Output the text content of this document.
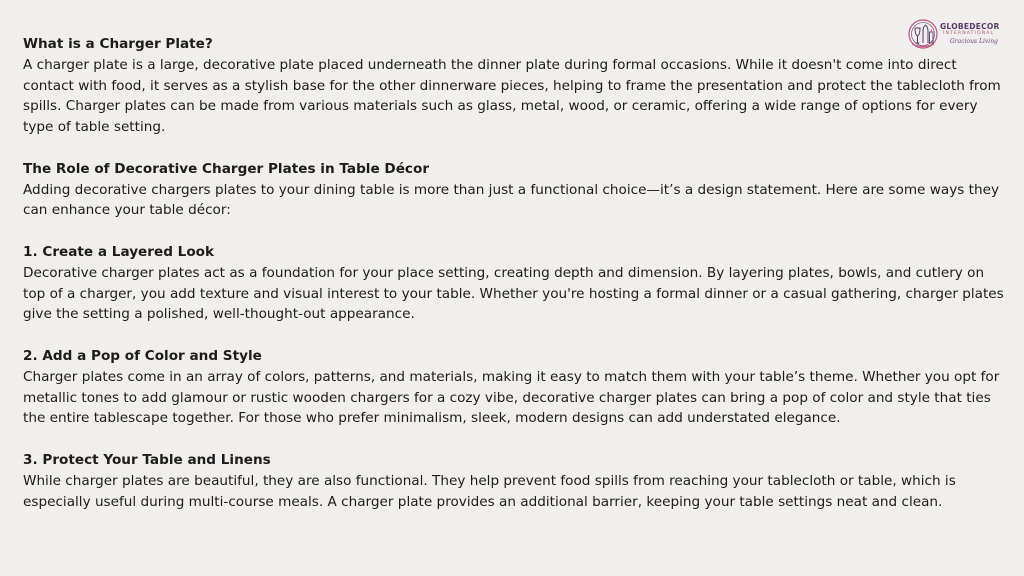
GLOBEDECOR
INTERNATIONAL
Gracious Living
What is a Charger Plate?
A charger plate is a large, decorative plate placed underneath the dinner plate during formal occasions. While it doesn't come into direct contact with food, it serves as a stylish base for the other dinnerware pieces, helping to frame the presentation and protect the tablecloth from spills. Charger plates can be made from various materials such as glass, metal, wood, or ceramic, offering a wide range of options for every type of table setting.
The Role of Decorative Charger Plates in Table Décor
Adding decorative chargers plates to your dining table is more than just a functional choice—it’s a design statement. Here are some ways they can enhance your table décor:
1. Create a Layered Look
Decorative charger plates act as a foundation for your place setting, creating depth and dimension. By layering plates, bowls, and cutlery on top of a charger, you add texture and visual interest to your table. Whether you're hosting a formal dinner or a casual gathering, charger plates give the setting a polished, well-thought-out appearance.
2. Add a Pop of Color and Style
Charger plates come in an array of colors, patterns, and materials, making it easy to match them with your table’s theme. Whether you opt for metallic tones to add glamour or rustic wooden chargers for a cozy vibe, decorative charger plates can bring a pop of color and style that ties the entire tablescape together. For those who prefer minimalism, sleek, modern designs can add understated elegance.
3. Protect Your Table and Linens
While charger plates are beautiful, they are also functional. They help prevent food spills from reaching your tablecloth or table, which is especially useful during multi-course meals. A charger plate provides an additional barrier, keeping your table settings neat and clean.
